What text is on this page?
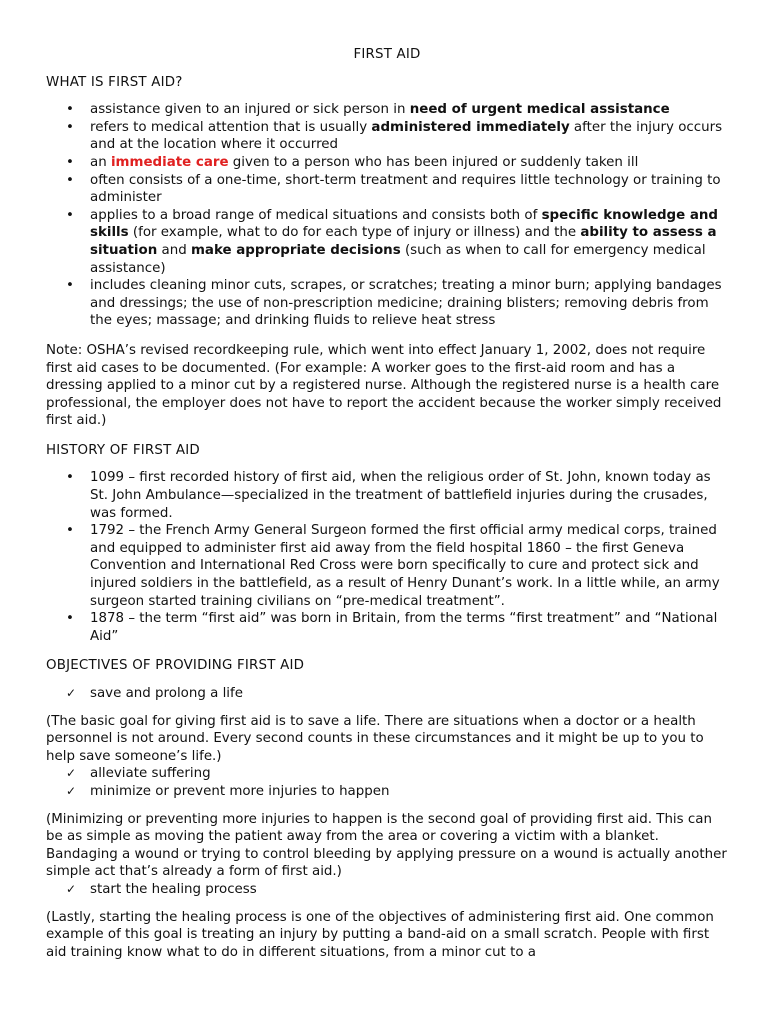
FIRST AID
WHAT IS FIRST AID?
• assistance given to an injured or sick person in need of urgent medical assistance
• refers to medical attention that is usually administered immediately after the injury occurs and at the location where it occurred
• an immediate care given to a person who has been injured or suddenly taken ill
• often consists of a one-time, short-term treatment and requires little technology or training to administer
• applies to a broad range of medical situations and consists both of specific knowledge and skills (for example, what to do for each type of injury or illness) and the ability to assess a situation and make appropriate decisions (such as when to call for emergency medical assistance)
• includes cleaning minor cuts, scrapes, or scratches; treating a minor burn; applying bandages and dressings; the use of non-prescription medicine; draining blisters; removing debris from the eyes; massage; and drinking fluids to relieve heat stress

Note: OSHA’s revised recordkeeping rule, which went into effect January 1, 2002, does not require first aid cases to be documented. (For example: A worker goes to the first-aid room and has a dressing applied to a minor cut by a registered nurse. Although the registered nurse is a health care professional, the employer does not have to report the accident because the worker simply received first aid.)

HISTORY OF FIRST AID
• 1099 – first recorded history of first aid, when the religious order of St. John, known today as St. John Ambulance—specialized in the treatment of battlefield injuries during the crusades, was formed.
• 1792 – the French Army General Surgeon formed the first official army medical corps, trained and equipped to administer first aid away from the field hospital 1860 – the first Geneva Convention and International Red Cross were born specifically to cure and protect sick and injured soldiers in the battlefield, as a result of Henry Dunant’s work. In a little while, an army surgeon started training civilians on “pre-medical treatment”.
• 1878 – the term “first aid” was born in Britain, from the terms “first treatment” and “National Aid”
OBJECTIVES OF PROVIDING FIRST AID
✓ save and prolong a life

(The basic goal for giving first aid is to save a life. There are situations when a doctor or a health personnel is not around. Every second counts in these circumstances and it might be up to you to help save someone’s life.)

✓ alleviate suffering
✓ minimize or prevent more injuries to happen

(Minimizing or preventing more injuries to happen is the second goal of providing first aid. This can be as simple as moving the patient away from the area or covering a victim with a blanket. Bandaging a wound or trying to control bleeding by applying pressure on a wound is actually another simple act that’s already a form of first aid.)

✓ start the healing process

(Lastly, starting the healing process is one of the objectives of administering first aid. One common example of this goal is treating an injury by putting a band-aid on a small scratch. People with first aid training know what to do in different situations, from a minor cut to a
